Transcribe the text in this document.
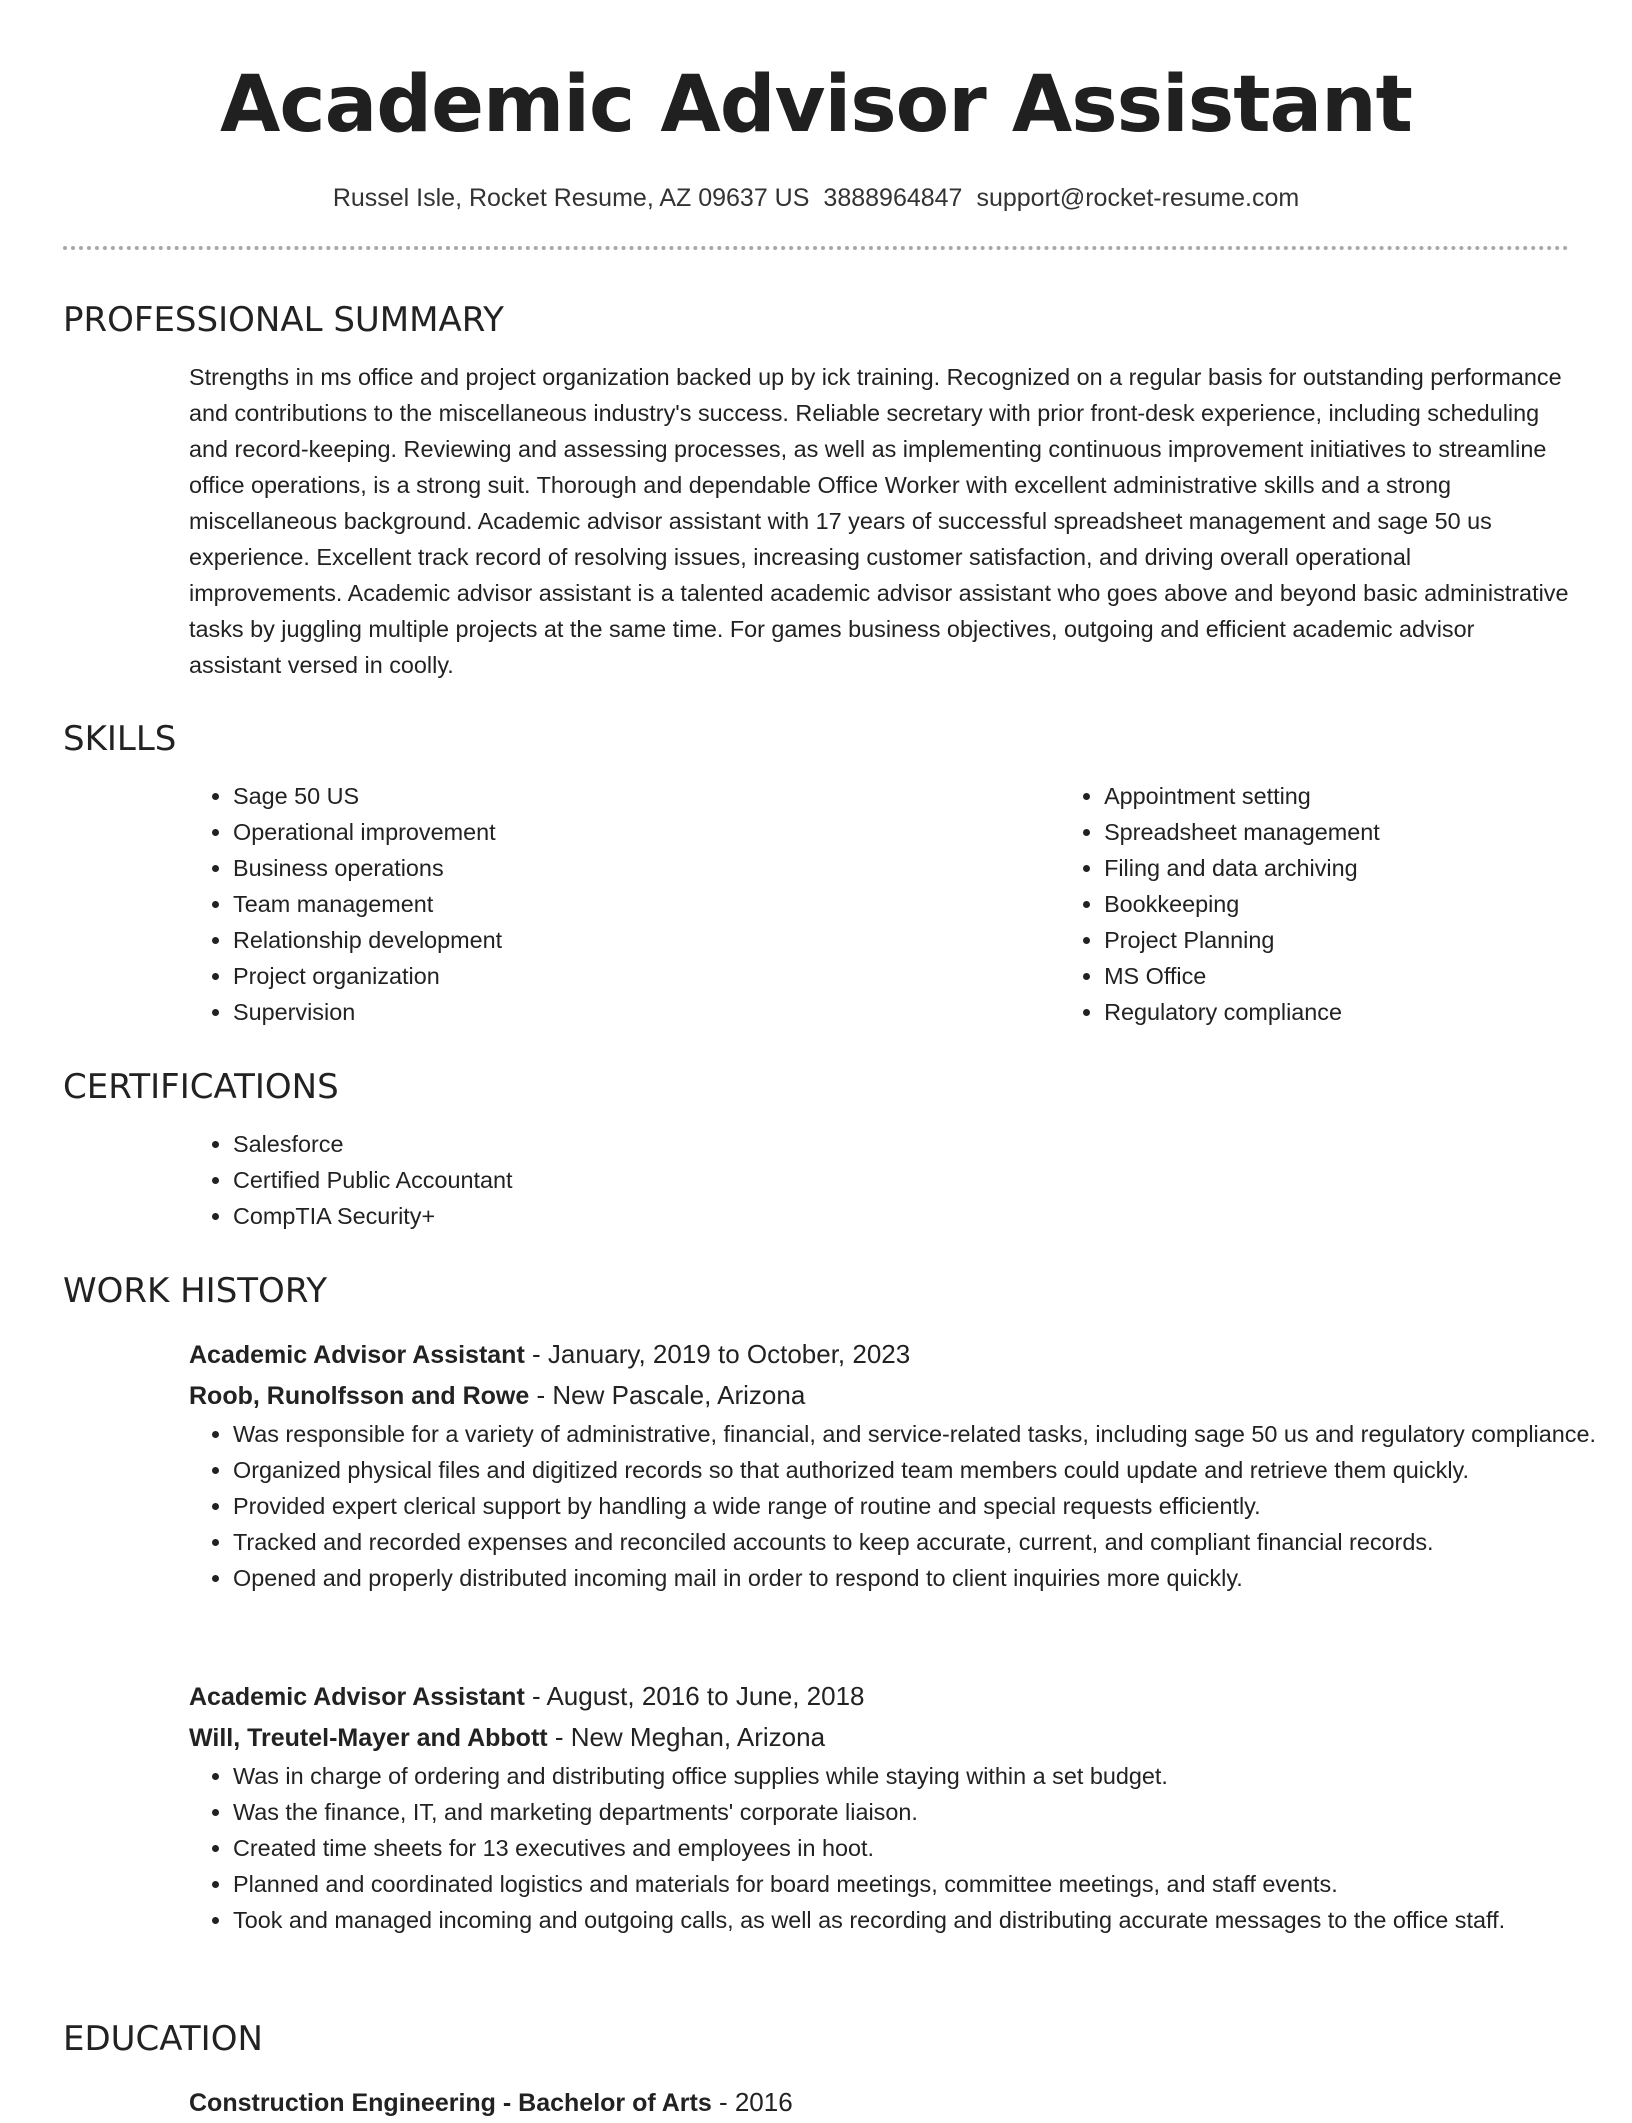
Academic Advisor Assistant
Russel Isle, Rocket Resume, AZ 09637 US 3888964847 support@rocket-resume.com
PROFESSIONAL SUMMARY

Strengths in ms office and project organization backed up by ick training. Recognized on a regular basis for outstanding performance and contributions to the miscellaneous industry's success. Reliable secretary with prior front-desk experience, including scheduling and record-keeping. Reviewing and assessing processes, as well as implementing continuous improvement initiatives to streamline office operations, is a strong suit. Thorough and dependable Office Worker with excellent administrative skills and a strong miscellaneous background. Academic advisor assistant with 17 years of successful spreadsheet management and sage 50 us experience. Excellent track record of resolving issues, increasing customer satisfaction, and driving overall operational improvements. Academic advisor assistant is a talented academic advisor assistant who goes above and beyond basic administrative tasks by juggling multiple projects at the same time. For games business objectives, outgoing and efficient academic advisor assistant versed in coolly.

SKILLS
• Sage 50 US
• Operational improvement
• Business operations
• Team management
• Relationship development
• Project organization
• Supervision
• Appointment setting
• Spreadsheet management
• Filing and data archiving
• Bookkeeping
• Project Planning
• MS Office
• Regulatory compliance
CERTIFICATIONS
• Salesforce
• Certified Public Accountant
• CompTIA Security+
WORK HISTORY
Academic Advisor Assistant - January, 2019 to October, 2023
Roob, Runolfsson and Rowe - New Pascale, Arizona
• Was responsible for a variety of administrative, financial, and service-related tasks, including sage 50 us and regulatory compliance.
• Organized physical files and digitized records so that authorized team members could update and retrieve them quickly.
• Provided expert clerical support by handling a wide range of routine and special requests efficiently.
• Tracked and recorded expenses and reconciled accounts to keep accurate, current, and compliant financial records.
• Opened and properly distributed incoming mail in order to respond to client inquiries more quickly.
Academic Advisor Assistant - August, 2016 to June, 2018
Will, Treutel-Mayer and Abbott - New Meghan, Arizona
• Was in charge of ordering and distributing office supplies while staying within a set budget.
• Was the finance, IT, and marketing departments' corporate liaison.
• Created time sheets for 13 executives and employees in hoot.
• Planned and coordinated logistics and materials for board meetings, committee meetings, and staff events.
• Took and managed incoming and outgoing calls, as well as recording and distributing accurate messages to the office staff.
EDUCATION
Construction Engineering - Bachelor of Arts - 2016
